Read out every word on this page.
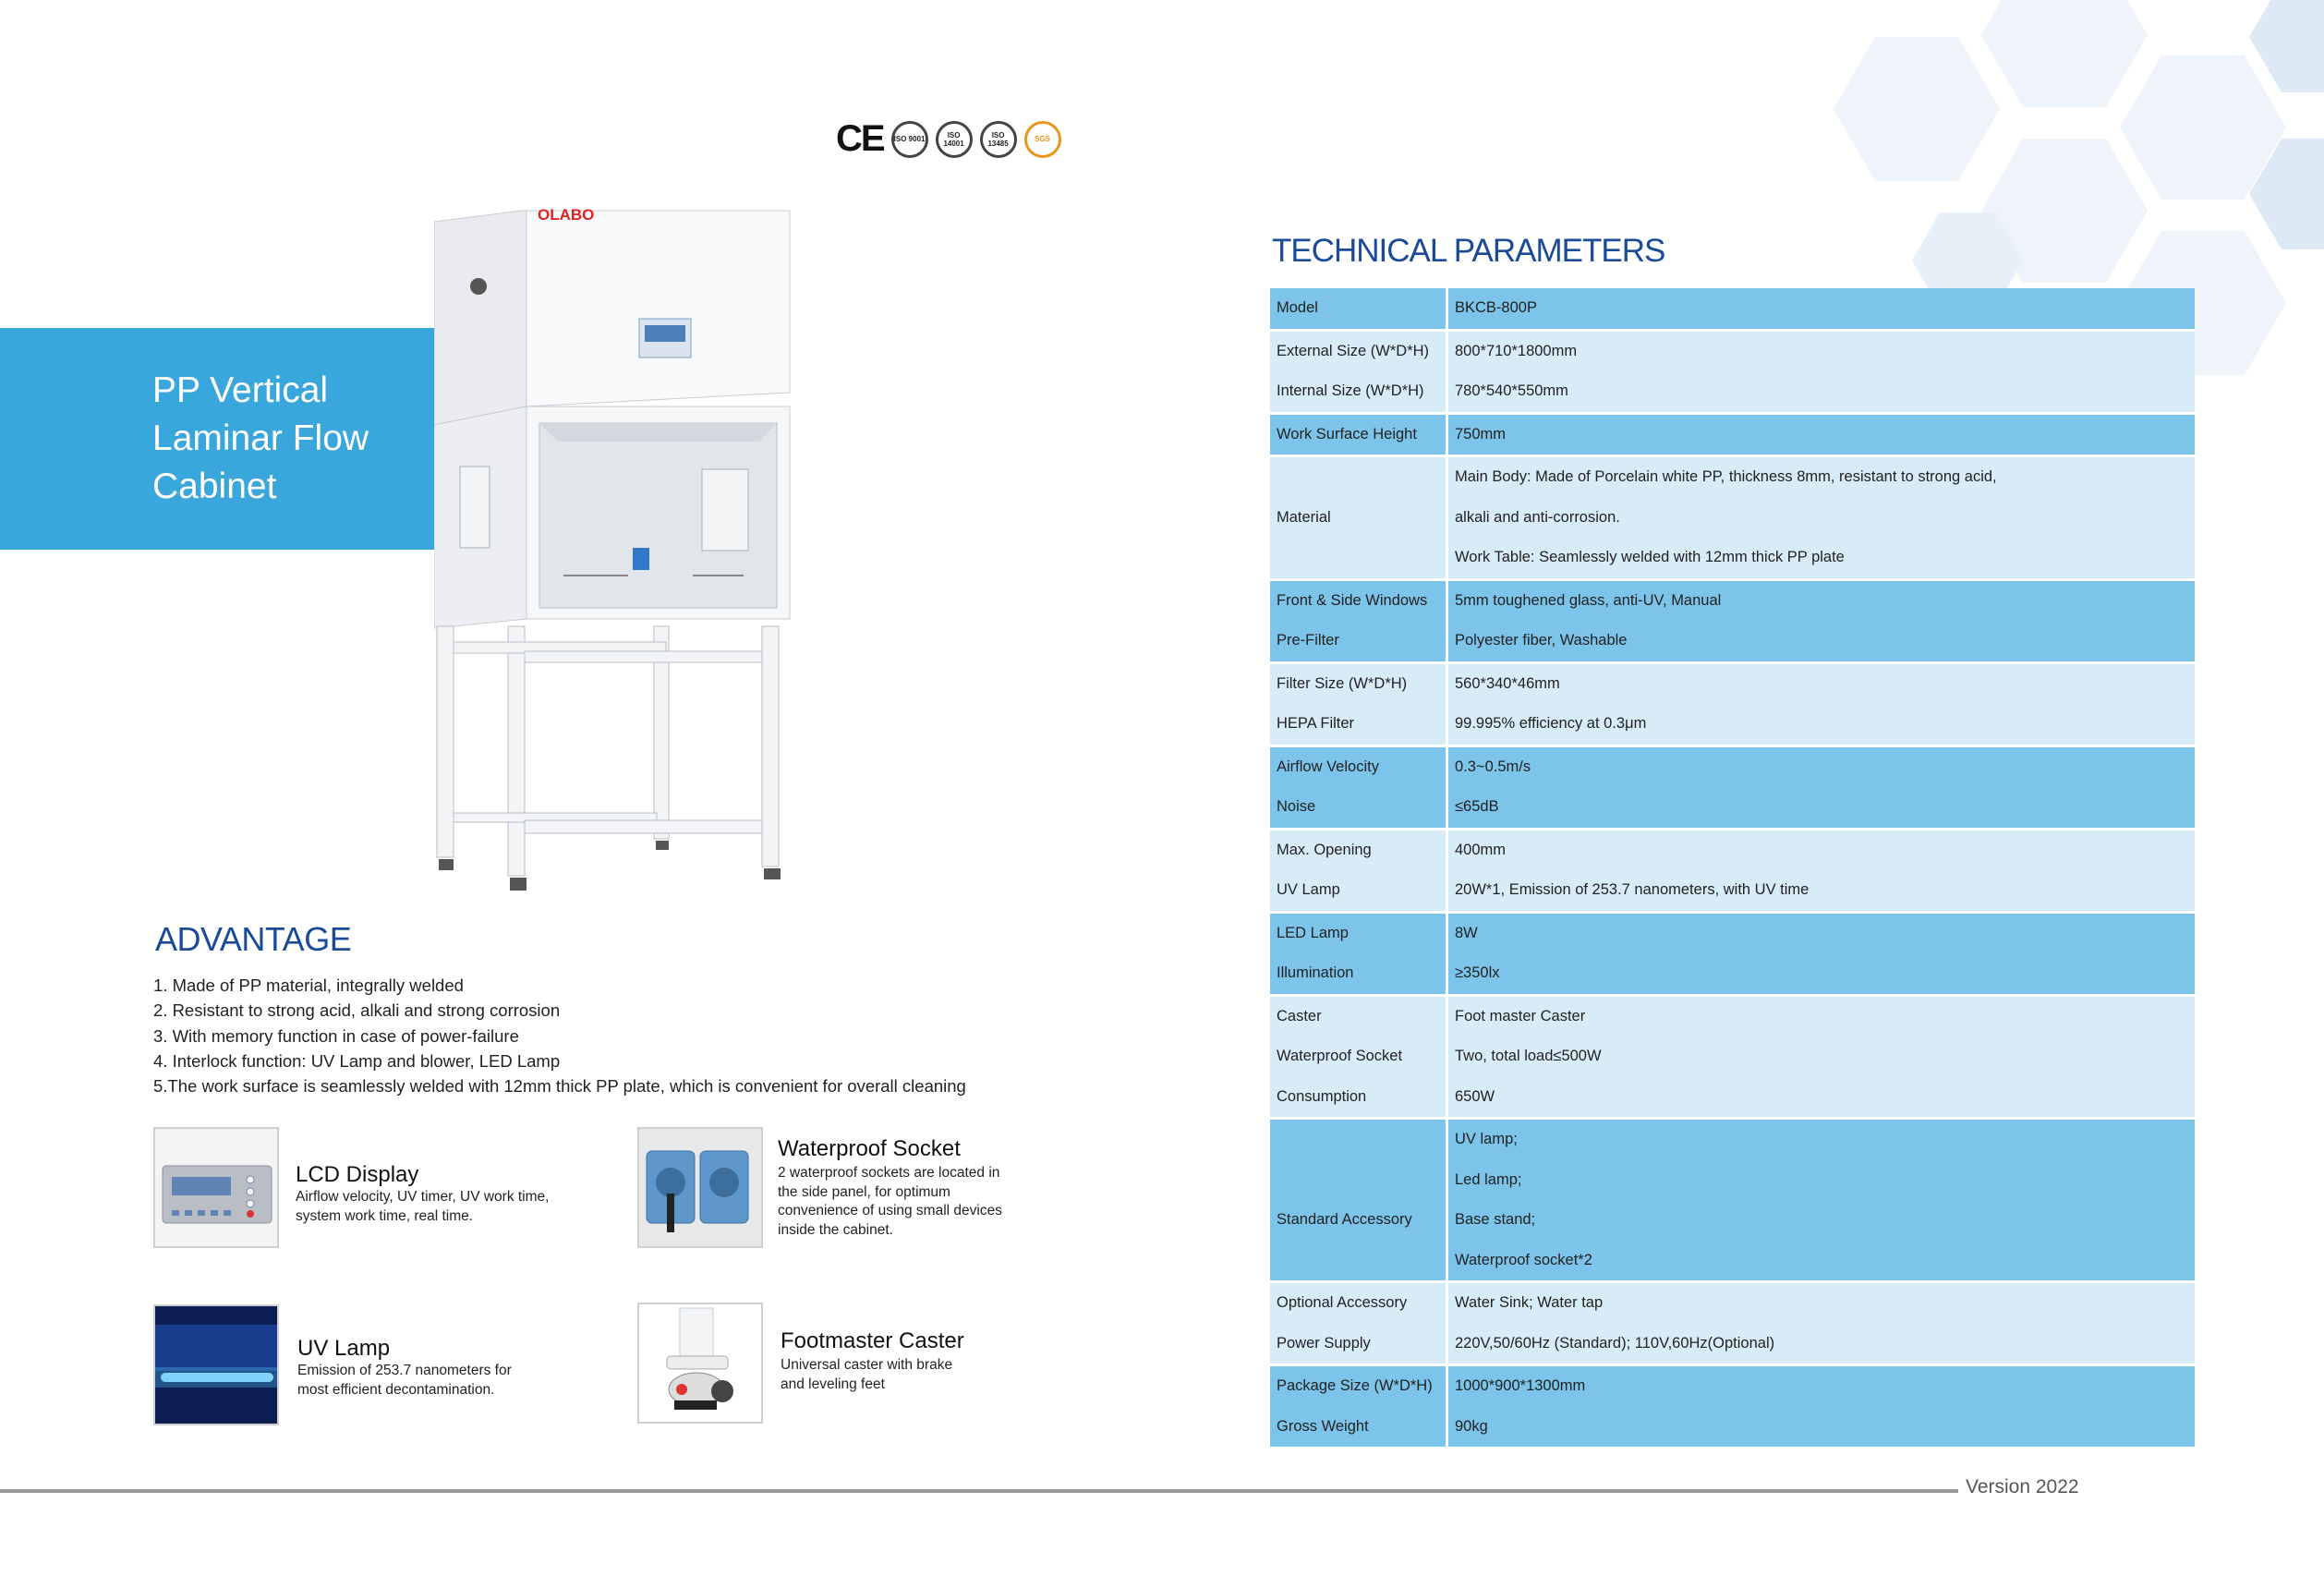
CE ISO 9001	ISO 14001
ISO 13485	SGS
PP Vertical Laminar Flow Cabinet
OLABO
ADVANTAGE
1. Made of PP material, integrally welded
2. Resistant to strong acid, alkali and strong corrosion
3. With memory function in case of power-failure
4. Interlock function: UV Lamp and blower, LED Lamp
5.The work surface is seamlessly welded with 12mm thick PP plate, which is convenient for overall cleaning
LCD Display
Airflow velocity, UV timer, UV work time, system work time, real time.
Waterproof Socket
2 waterproof sockets are located in the side panel, for optimum convenience of using small devices inside the cabinet.
UV Lamp
Emission of 253.7 nanometers for most efficient decontamination.
Footmaster Caster
Universal caster with brake and leveling feet
TECHNICAL PARAMETERS
Model	BKCB-800P

External Size (W*D*H)	800*710*1800mm
Internal Size (W*D*H)	780*540*550mm

Work Surface Height	750mm

	Main Body: Made of Porcelain white PP, thickness 8mm, resistant to strong acid,
Material	alkali and anti-corrosion.
	Work Table: Seamlessly welded with 12mm thick PP plate

Front & Side Windows	5mm toughened glass, anti-UV, Manual
Pre-Filter	Polyester fiber, Washable

Filter Size (W*D*H)	560*340*46mm
HEPA Filter	99.995% efficiency at 0.3μm

Airflow Velocity	0.3~0.5m/s
Noise	≤65dB

Max. Opening	400mm
UV Lamp	20W*1, Emission of 253.7 nanometers, with UV time

LED Lamp	8W
Illumination	≥350lx

Caster	Foot master Caster
Waterproof Socket	Two, total load≤500W
Consumption	650W

	UV lamp;
	Led lamp;
Standard Accessory	Base stand;
	Waterproof socket*2

Optional Accessory	Water Sink; Water tap
Power Supply	220V,50/60Hz (Standard); 110V,60Hz(Optional)

Package Size (W*D*H)	1000*900*1300mm
Gross Weight	90kg
Version 2022
